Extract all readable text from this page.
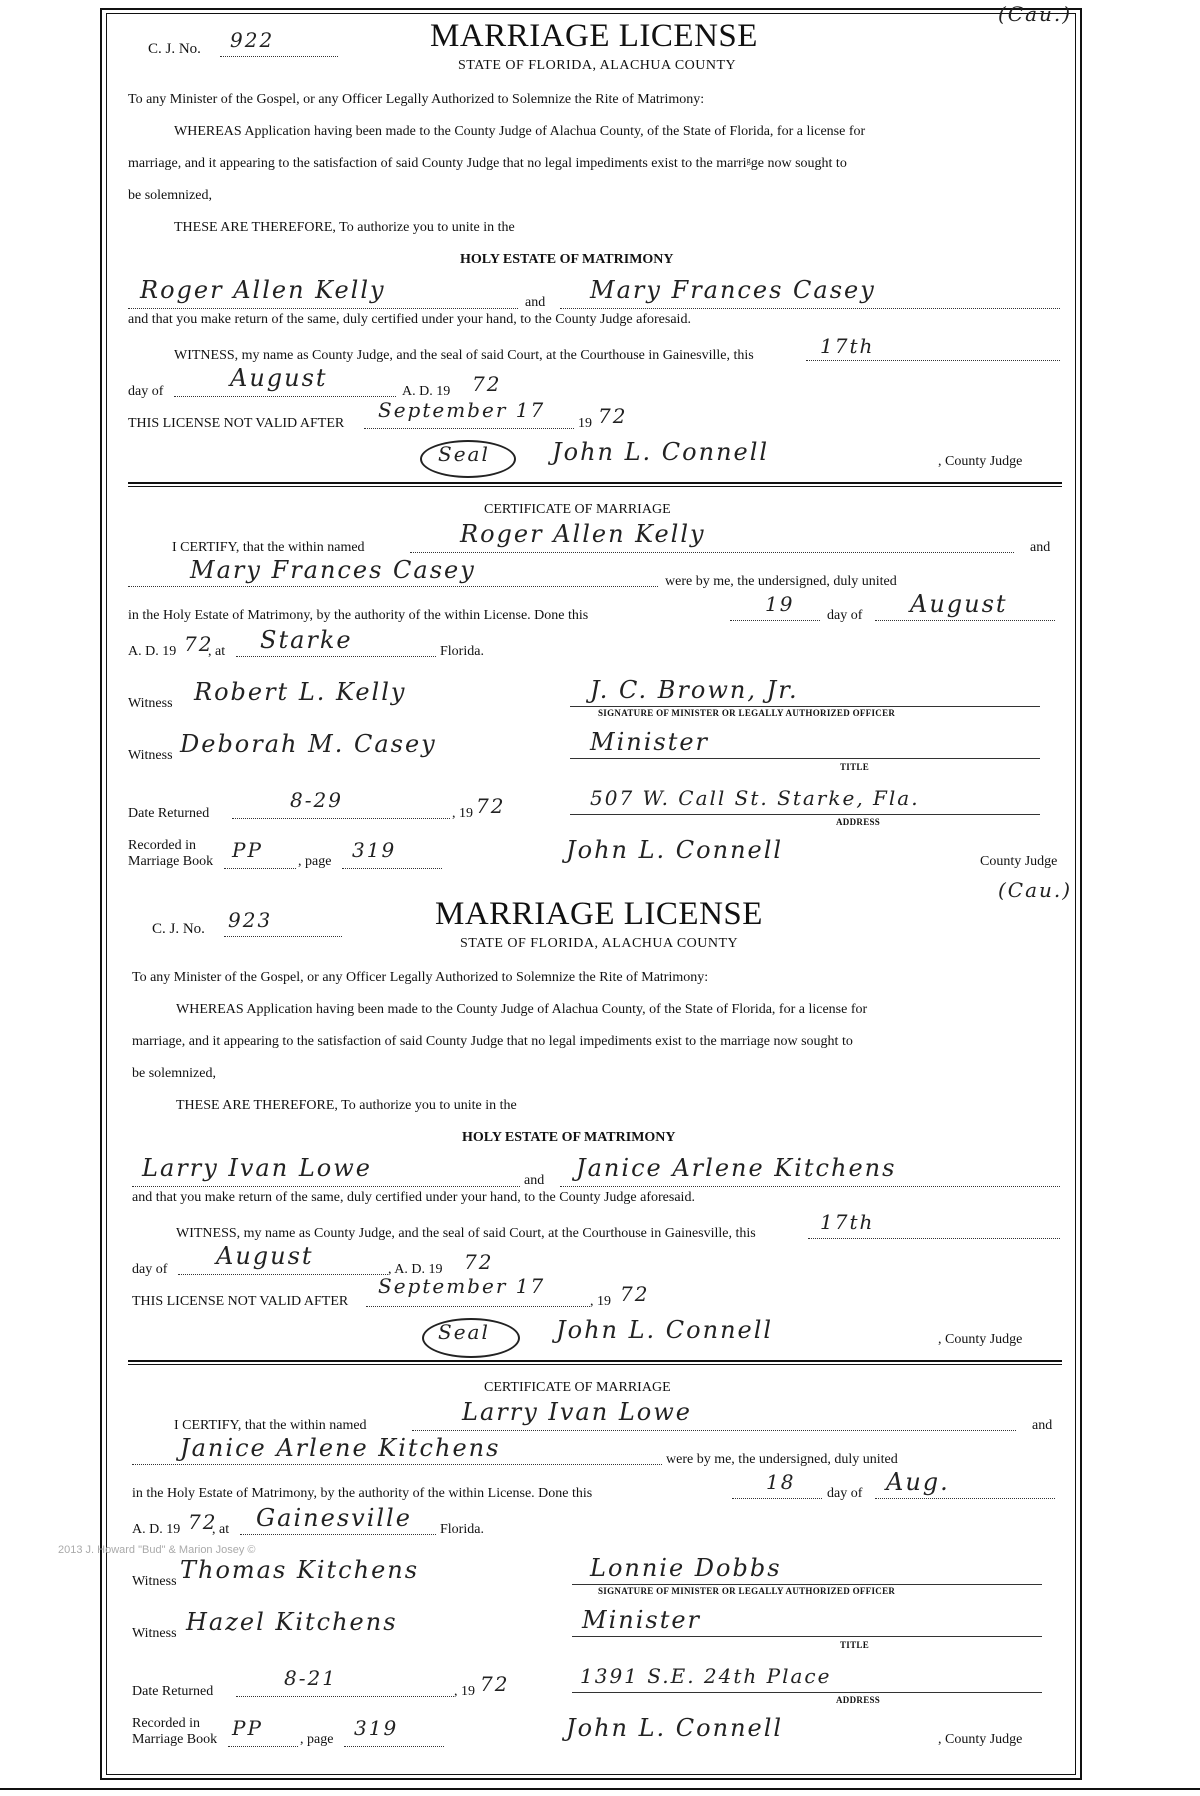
C. J. No. 922
(Cau.)
MARRIAGE LICENSE
STATE OF FLORIDA, ALACHUA COUNTY
To any Minister of the Gospel, or any Officer Legally Authorized to Solemnize the Rite of Matrimony:
WHEREAS Application having been made to the County Judge of Alachua County, of the State of Florida, for a license for
marriage, and it appearing to the satisfaction of said County Judge that no legal impediments exist to the marriᵍge now sought to
be solemnized,
THESE ARE THEREFORE, To authorize you to unite in the
HOLY ESTATE OF MATRIMONY
Roger Allen Kelly	and Mary Frances Casey
and that you make return of the same, duly certified under your hand, to the County Judge aforesaid.
WITNESS, my name as County Judge, and the seal of said Court, at the Courthouse in Gainesville, this	17th
day of	August	A. D. 19 72
THIS LICENSE NOT VALID AFTER
September 17
19 72
Seal	John L. Connell	, County Judge
CERTIFICATE OF MARRIAGE
I CERTIFY, that the within named	Roger Allen Kelly	and
Mary Frances Casey	were by me, the undersigned, duly united
in the Holy Estate of Matrimony, by the authority of the within License. Done this	19 day of August
A. D. 19 72
, at Starke	Florida.
Witness Robert L. Kelly	J. C. Brown, Jr.
SIGNATURE OF MINISTER OR LEGALLY AUTHORIZED OFFICER
Witness Deborah M. Casey	Minister
TITLE
Date Returned
8-29
, 19 72	507 W. Call St. Starke, Fla.
ADDRESS
Recorded in
Marriage Book PP	, page 319	John L. Connell	County Judge
C. J. No. 923
(Cau.)
MARRIAGE LICENSE
STATE OF FLORIDA, ALACHUA COUNTY
To any Minister of the Gospel, or any Officer Legally Authorized to Solemnize the Rite of Matrimony:
WHEREAS Application having been made to the County Judge of Alachua County, of the State of Florida, for a license for
marriage, and it appearing to the satisfaction of said County Judge that no legal impediments exist to the marriage now sought to
be solemnized,
THESE ARE THEREFORE, To authorize you to unite in the
HOLY ESTATE OF MATRIMONY
Larry Ivan Lowe	and Janice Arlene Kitchens
and that you make return of the same, duly certified under your hand, to the County Judge aforesaid.
WITNESS, my name as County Judge, and the seal of said Court, at the Courthouse in Gainesville, this	17th
day of August	, A. D. 19 72
THIS LICENSE NOT VALID AFTER
September 17
, 19 72
Seal	John L. Connell	, County Judge
CERTIFICATE OF MARRIAGE
I CERTIFY, that the within named	Larry Ivan Lowe	and
Janice Arlene Kitchens	were by me, the undersigned, duly united
in the Holy Estate of Matrimony, by the authority of the within License. Done this	18 day of Aug.
A. D. 19 72
, at Gainesville Florida.
Witness Thomas Kitchens	Lonnie Dobbs
SIGNATURE OF MINISTER OR LEGALLY AUTHORIZED OFFICER
Witness Hazel Kitchens	Minister
TITLE
Date Returned
8-21
, 19 72	1391 S.E. 24th Place
ADDRESS
Recorded in
Marriage Book PP	, page 319	John L. Connell	, County Judge
2013 J. Howard "Bud" & Marion Josey ©
